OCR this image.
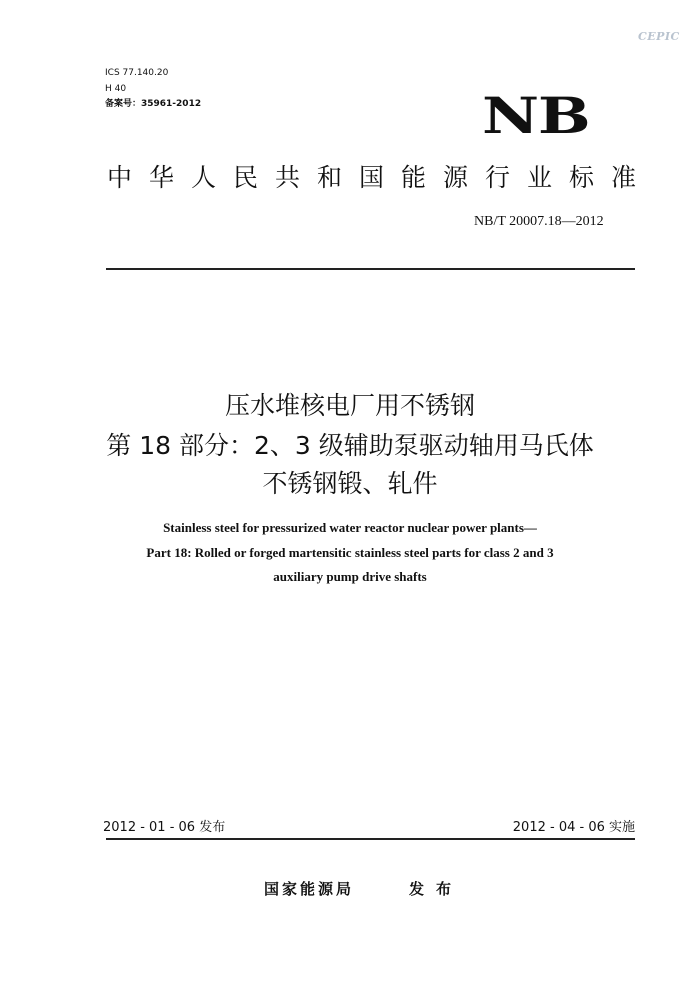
CEPIC
ICS 77.140.20
H 40
备案号：35961-2012	NB
中华人民共和国能源行业标准
NB/T 20007.18—2012
压水堆核电厂用不锈钢
第 18 部分：2、3 级辅助泵驱动轴用马氏体
不锈钢锻、轧件
Stainless steel for pressurized water reactor nuclear power plants—
Part 18: Rolled or forged martensitic stainless steel parts for class 2 and 3
auxiliary pump drive shafts
2012 - 01 - 06 发布	2012 - 04 - 06 实施
国家能源局	发布
